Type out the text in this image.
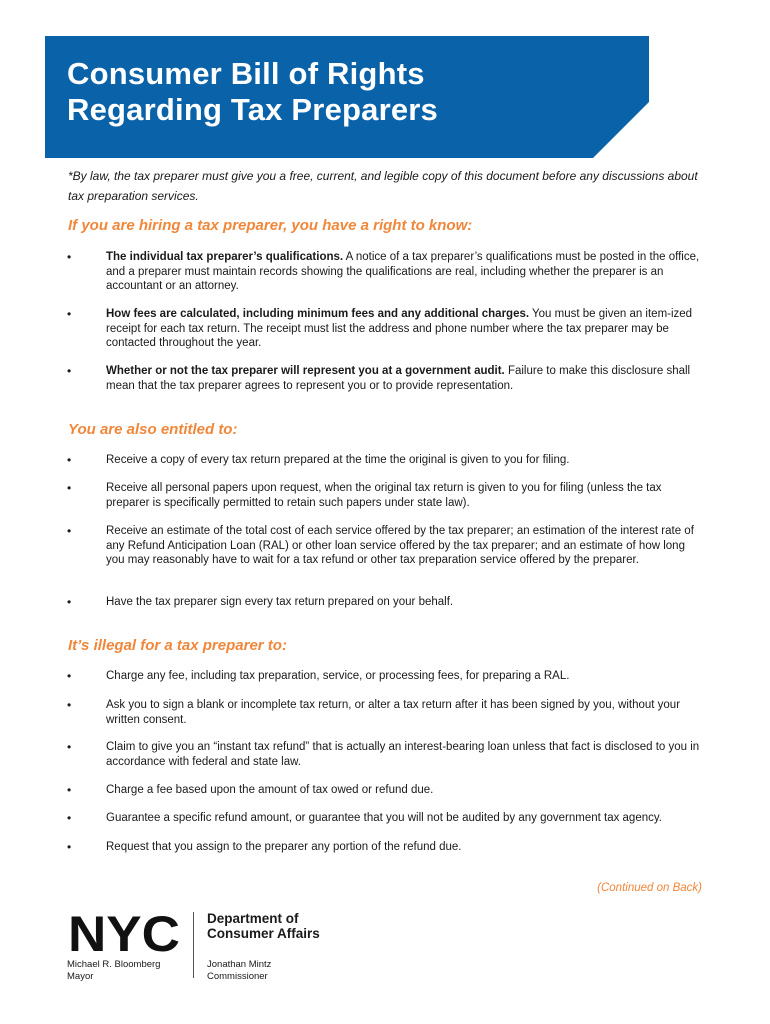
Consumer Bill of Rights
Regarding Tax Preparers

*By law, the tax preparer must give you a free, current, and legible copy of this document before any discussions about tax preparation services.

If you are hiring a tax preparer, you have a right to know:
•	The individual tax preparer’s qualifications. A notice of a tax preparer’s qualifications must be posted in the office, and a preparer must maintain records showing the qualifications are real, including whether the preparer is an accountant or an attorney.
•	How fees are calculated, including minimum fees and any additional charges. You must be given an item-ized receipt for each tax return. The receipt must list the address and phone number where the tax preparer may be contacted throughout the year.
•	Whether or not the tax preparer will represent you at a government audit. Failure to make this disclosure shall mean that the tax preparer agrees to represent you or to provide representation.
You are also entitled to:
•	Receive a copy of every tax return prepared at the time the original is given to you for filing.
•	Receive all personal papers upon request, when the original tax return is given to you for filing (unless the tax preparer is specifically permitted to retain such papers under state law).
•	Receive an estimate of the total cost of each service offered by the tax preparer; an estimation of the interest rate of any Refund Anticipation Loan (RAL) or other loan service offered by the tax preparer; and an estimate of how long you may reasonably have to wait for a tax refund or other tax preparation service offered by the preparer.
•	Have the tax preparer sign every tax return prepared on your behalf.
It’s illegal for a tax preparer to:
•	Charge any fee, including tax preparation, service, or processing fees, for preparing a RAL.
•	Ask you to sign a blank or incomplete tax return, or alter a tax return after it has been signed by you, without your written consent.
•	Claim to give you an “instant tax refund” that is actually an interest-bearing loan unless that fact is disclosed to you in accordance with federal and state law.
•	Charge a fee based upon the amount of tax owed or refund due.
•	Guarantee a specific refund amount, or guarantee that you will not be audited by any government tax agency.
•	Request that you assign to the preparer any portion of the refund due.

(Continued on Back)

NYC Department of
Consumer Affairs

Michael R. Bloomberg
Mayor

Jonathan Mintz
Commissioner
